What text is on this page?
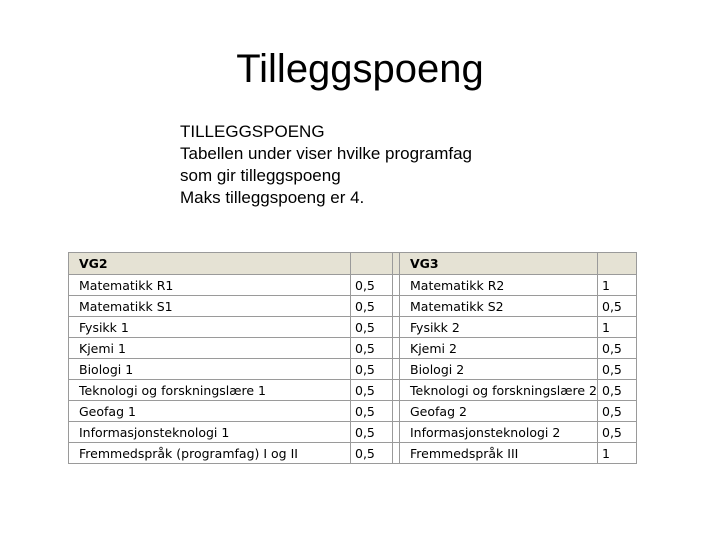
Tilleggspoeng
TILLEGGSPOENG
Tabellen under viser hvilke programfag
som gir tilleggspoeng
Maks tilleggspoeng er 4.
VG2			VG3	
Matematikk R1	0,5		Matematikk R2	1
Matematikk S1	0,5		Matematikk S2	0,5
Fysikk 1	0,5		Fysikk 2	1
Kjemi 1	0,5		Kjemi 2	0,5
Biologi 1	0,5		Biologi 2	0,5
Teknologi og forskningslære 1	0,5		Teknologi og forskningslære 2	0,5
Geofag 1	0,5		Geofag 2	0,5
Informasjonsteknologi 1	0,5		Informasjonsteknologi 2	0,5
Fremmedspråk (programfag) I og II	0,5		Fremmedspråk III	1
